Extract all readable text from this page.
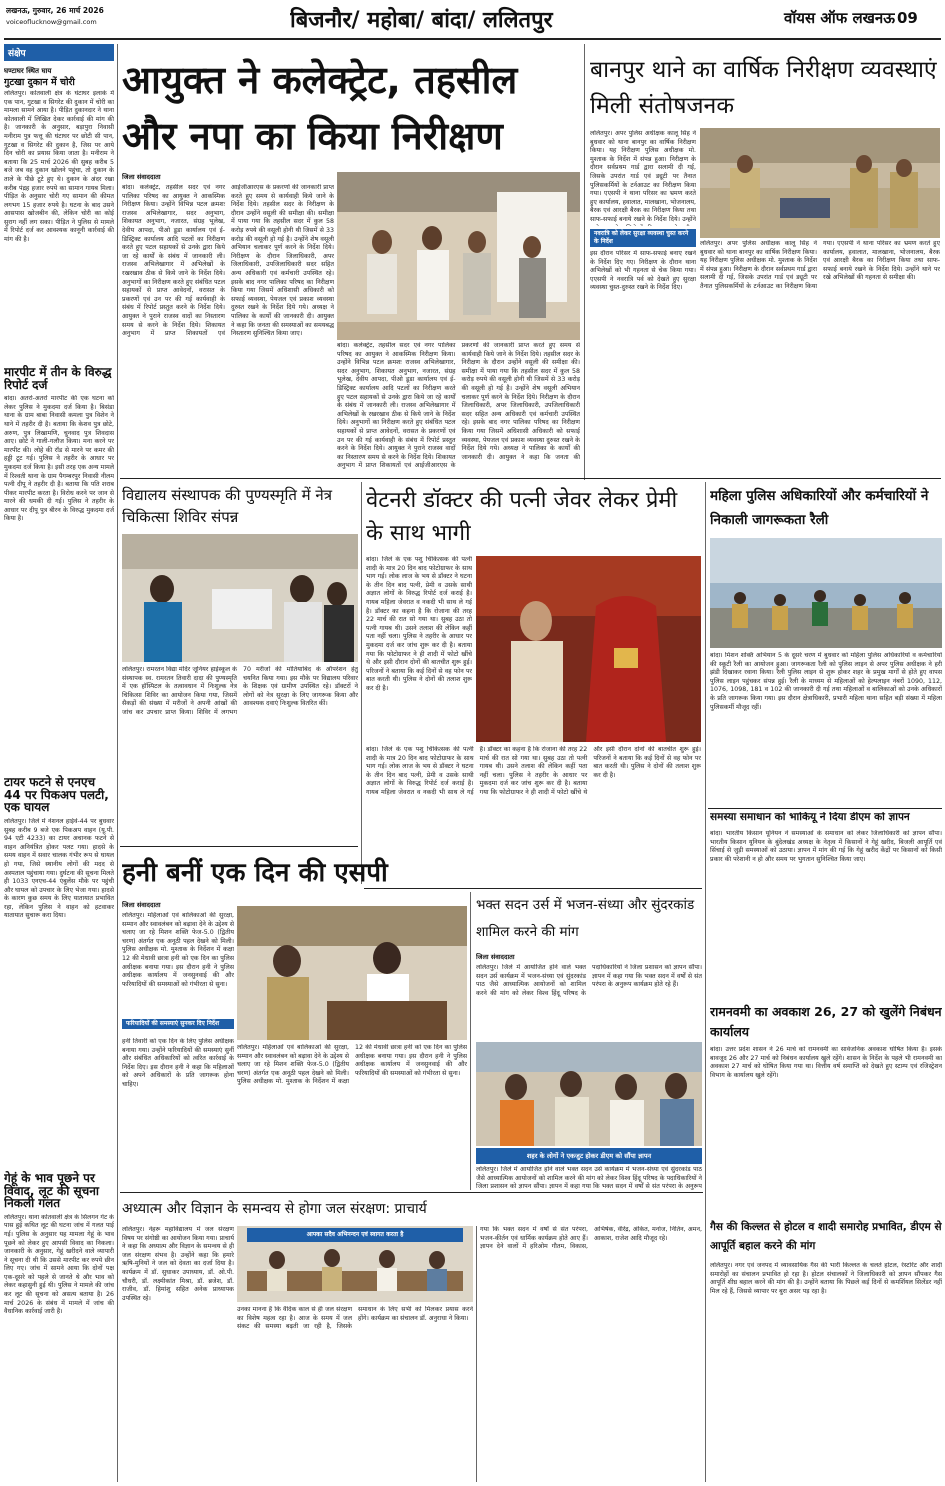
लखनऊ, गुरुवार, 26 मार्च 2026
voiceoflucknow@gmail.com	बिजनौर/ महोबा/ बांदा/ ललितपुर	वॉयस ऑफ लखनऊ 09
संक्षेप
घण्टाघर स्थित घाय
गुटखा दुकान में चोरी
ललितपुर। कोतवाली क्षेत्र के घंटाघर इलाके में एक पान, गुटखा व सिगरेट की दुकान में चोरी का मामला सामने आया है। पीड़ित दुकानदार ने थाना कोतवाली में लिखित देकर कार्रवाई की मांग की है। जानकारी के अनुसार, बड़ापुरा निवासी मनीराम पुत्र फत्तू की घंटाघर पर छोटी सी पान, गुटखा व सिगरेट की दुकान है, जिस पर आये दिन चोरी का प्रयास किया जाता है। मनीराम ने बताया कि 25 मार्च 2026 की सुबह करीब 5 बजे जब वह दुकान खोलने पहुंचा, तो दुकान के ताले के पीछे टूटे हुए थे। दुकान के अंदर रखा करीब पंद्रह हजार रुपये का सामान गायब मिला। पीड़ित के अनुसार चोरी गए सामान की कीमत लगभग 15 हजार रुपये है। घटना के बाद उसने आसपास खोजबीन की, लेकिन चोरी का कोई सुराग नहीं लग सका। पीड़ित ने पुलिस से मामले में रिपोर्ट दर्ज कर आवश्यक कानूनी कार्रवाई की मांग की है।
मारपीट में तीन के विरुद्ध रिपोर्ट दर्ज
बांदा। अतर्रा-अतर्रा मारपीट की एक घटना को लेकर पुलिस ने मुकदमा दर्ज किया है। बिसंडा थाना के ग्राम बाबा निवासी कमला पुत्र विशेन ने थाने में तहरीर दी है। बताया कि केशव पुत्र छोटे, अरुण, पुत्र लिखामणि, चुनवाद पुत्र शिवदास आए। छोटे ने गाली-गलौज किया। मना करने पर मारपीट की। लोहे की रॉड से मारने पर कमर की हड्डी टूट गई। पुलिस ने तहरीर के आधार पर मुकदमा दर्ज किया है। इसी तरह एक अन्य मामले में रिश्वती थाना के ग्राम पैगम्बरपुर निवासी नीलम पत्नी दीपू ने तहरीर दी है। बताया कि पति शराब पीकर मारपीट करता है। विरोध करने पर जान से मारने की धमकी दी गई। पुलिस ने तहरीर के आधार पर दीपू पुत्र बीरन के विरुद्ध मुकदमा दर्ज किया है।
टायर फटने से एनएच 44 पर पिकअप पलटी, एक घायल
ललितपुर। जिले में नेशनल हाईवे-44 पर बुधवार सुबह करीब 9 बजे एक पिकअप वाहन (यू.पी. 94 एटी 4233) का टायर अचानक फटने से वाहन अनियंत्रित होकर पलट गया। हादसे के समय वाहन में सवार चालक गंभीर रूप से घायल हो गया, जिसे स्थानीय लोगों की मदद से अस्पताल पहुंचाया गया। दुर्घटना की सूचना मिलते ही 1033 एनएच-44 एंबुलेंस मौके पर पहुंची और घायल को उपचार के लिए भेजा गया। हादसे के कारण कुछ समय के लिए यातायात प्रभावित रहा, लेकिन पुलिस ने वाहन को हटवाकर यातायात सुचारू करा दिया।
गेहूं के भाव पूछने पर विवाद, लूट की सूचना निकली गलत
ललितपुर। थाना कोतवाली क्षेत्र के सिलगन गेट के पास हुई कथित लूट की घटना जांच में गलत पाई गई। पुलिस के अनुसार यह मामला गेहूं के भाव पूछने को लेकर हुए आपसी विवाद का निकला। जानकारी के अनुसार, गेहूं खरीदने वाले व्यापारी ने सूचना दी थी कि उससे मारपीट कर रुपये छीन लिए गए। जांच में सामने आया कि दोनों पक्ष एक-दूसरे को पहले से जानते थे और भाव को लेकर कहासुनी हुई थी। पुलिस ने मामले की जांच कर लूट की सूचना को असत्य बताया है। 26 मार्च 2026 के संबंध में मामले में जांच की वैधानिक कार्रवाई जारी है।
आयुक्त ने कलेक्ट्रेट, तहसील और नपा का किया निरीक्षण
जिला संवाददाता
बांदा। कलेक्ट्रेट, तहसील सदर एवं नगर पालिका परिषद का आयुक्त ने आकस्मिक निरीक्षण किया। उन्होंने विभिन्न पटल क्रमशः राजस्व अभिलेखागार, सदर अनुभाग, शिकायत अनुभाग, नजारत, संग्रह भूलेख, देवीय आपदा, पीओ डूडा कार्यालय एवं ई-डिस्ट्रिक्ट कार्यालय आदि पटलों का निरीक्षण करते हुए पटल सहायकों से उनके द्वारा किये जा रहे कार्यों के संबंध में जानकारी ली। राजस्व अभिलेखागार में अभिलेखों के रखरखाव ठीक से किये जाने के निर्देश दिये। अनुभागों का निरीक्षण करते हुए संबंधित पटल सहायकों से प्राप्त आवेदनों, वरासत के प्रकरणों एवं उन पर की गई कार्यवाही के संबंध में रिपोर्ट प्रस्तुत करने के निर्देश दिये। आयुक्त ने पुराने राजस्व वादों का निस्तारण समय से करने के निर्देश दिये। शिकायत अनुभाग में प्राप्त शिकायतों एवं आईजीआरएस के प्रकरणों की जानकारी प्राप्त करते हुए समय से कार्यवाही किये जाने के निर्देश दिये। तहसील सदर के निरीक्षण के दौरान उन्होंने वसूली की समीक्षा की। समीक्षा में पाया गया कि तहसील सदर में कुल 58 करोड़ रुपये की वसूली होनी थी जिसमें से 33 करोड़ की वसूली हो गई है। उन्होंने शेष वसूली अभियान चलाकर पूर्ण करने के निर्देश दिये। निरीक्षण के दौरान जिलाधिकारी, अपर जिलाधिकारी, उपजिलाधिकारी सदर सहित अन्य अधिकारी एवं कर्मचारी उपस्थित रहे। इसके बाद नगर पालिका परिषद का निरीक्षण किया गया जिसमें अधिशासी अधिकारी को सफाई व्यवस्था, पेयजल एवं प्रकाश व्यवस्था दुरुस्त रखने के निर्देश दिये गये। अध्यक्ष ने पालिका के कार्यों की जानकारी दी। आयुक्त ने कहा कि जनता की समस्याओं का समयबद्ध निस्तारण सुनिश्चित किया जाए।
बांदा। कलेक्ट्रेट, तहसील सदर एवं नगर पालिका परिषद का आयुक्त ने आकस्मिक निरीक्षण किया। उन्होंने विभिन्न पटल क्रमशः राजस्व अभिलेखागार, सदर अनुभाग, शिकायत अनुभाग, नजारत, संग्रह भूलेख, देवीय आपदा, पीओ डूडा कार्यालय एवं ई-डिस्ट्रिक्ट कार्यालय आदि पटलों का निरीक्षण करते हुए पटल सहायकों से उनके द्वारा किये जा रहे कार्यों के संबंध में जानकारी ली। राजस्व अभिलेखागार में अभिलेखों के रखरखाव ठीक से किये जाने के निर्देश दिये। अनुभागों का निरीक्षण करते हुए संबंधित पटल सहायकों से प्राप्त आवेदनों, वरासत के प्रकरणों एवं उन पर की गई कार्यवाही के संबंध में रिपोर्ट प्रस्तुत करने के निर्देश दिये। आयुक्त ने पुराने राजस्व वादों का निस्तारण समय से करने के निर्देश दिये। शिकायत अनुभाग में प्राप्त शिकायतों एवं आईजीआरएस के प्रकरणों की जानकारी प्राप्त करते हुए समय से कार्यवाही किये जाने के निर्देश दिये। तहसील सदर के निरीक्षण के दौरान उन्होंने वसूली की समीक्षा की। समीक्षा में पाया गया कि तहसील सदर में कुल 58 करोड़ रुपये की वसूली होनी थी जिसमें से 33 करोड़ की वसूली हो गई है। उन्होंने शेष वसूली अभियान चलाकर पूर्ण करने के निर्देश दिये। निरीक्षण के दौरान जिलाधिकारी, अपर जिलाधिकारी, उपजिलाधिकारी सदर सहित अन्य अधिकारी एवं कर्मचारी उपस्थित रहे। इसके बाद नगर पालिका परिषद का निरीक्षण किया गया जिसमें अधिशासी अधिकारी को सफाई व्यवस्था, पेयजल एवं प्रकाश व्यवस्था दुरुस्त रखने के निर्देश दिये गये। अध्यक्ष ने पालिका के कार्यों की जानकारी दी। आयुक्त ने कहा कि जनता की
बानपुर थाने का वार्षिक निरीक्षण व्यवस्थाएं मिली संतोषजनक
ललितपुर। अपर पुलिस अधीक्षक कालू सिंह ने बुधवार को थाना बानपुर का वार्षिक निरीक्षण किया। यह निरीक्षण पुलिस अधीक्षक मो. मुश्ताक के निर्देश में संपन्न हुआ। निरीक्षण के दौरान सर्वप्रथम गार्ड द्वारा सलामी दी गई, जिसके उपरांत गार्ड एवं ड्यूटी पर तैनात पुलिसकर्मियों के टर्नआउट का निरीक्षण किया गया। एएसपी ने थाना परिसर का भ्रमण करते हुए कार्यालय, हवालात, मालखाना, भोजनालय, बैरक एवं आरक्षी बैरक का निरीक्षण किया तथा साफ-सफाई बनाये रखने के निर्देश दिये। उन्होंने
नवरात्रि को लेकर सुरक्षा व्यवस्था चुस्त करने के निर्देश
इस दौरान परिसर में साफ-सफाई बनाए रखने के निर्देश दिए गए। निरीक्षण के दौरान थाना अभिलेखों को भी गहनता से चेक किया गया। एएसपी ने नवरात्रि पर्व को देखते हुए सुरक्षा व्यवस्था चुस्त-दुरुस्त रखने के निर्देश दिए।
ललितपुर। अपर पुलिस अधीक्षक कालू सिंह ने बुधवार को थाना बानपुर का वार्षिक निरीक्षण किया। यह निरीक्षण पुलिस अधीक्षक मो. मुश्ताक के निर्देश में संपन्न हुआ। निरीक्षण के दौरान सर्वप्रथम गार्ड द्वारा सलामी दी गई, जिसके उपरांत गार्ड एवं ड्यूटी पर तैनात पुलिसकर्मियों के टर्नआउट का निरीक्षण किया गया। एएसपी ने थाना परिसर का भ्रमण करते हुए कार्यालय, हवालात, मालखाना, भोजनालय, बैरक एवं आरक्षी बैरक का निरीक्षण किया तथा साफ-सफाई बनाये रखने के निर्देश दिये। उन्होंने थाने पर रखे अभिलेखों की गहनता से समीक्षा की।
विद्यालय संस्थापक की पुण्यस्मृति में नेत्र चिकित्सा शिविर संपन्न
ललितपुर। रामरतन विद्या मंदिर जूनियर हाईस्कूल के संस्थापक स्व. रामरतन तिवारी दादा की पुण्यस्मृति में एक हॉस्पिटल के तत्वावधान में निःशुल्क नेत्र चिकित्सा शिविर का आयोजन किया गया, जिसमें सैकड़ों की संख्या में मरीजों ने अपनी आंखों की जांच कर उपचार प्राप्त किया। शिविर में लगभग 70 मरीजों की मोतियाबिंद के ऑपरेशन हेतु चयनित किया गया। इस मौके पर विद्यालय परिवार के शिक्षक एवं ग्रामीण उपस्थित रहे। डॉक्टरों ने लोगों को नेत्र सुरक्षा के लिए जागरूक किया और आवश्यक दवाएं निःशुल्क वितरित कीं।
वेटनरी डॉक्टर की पत्नी जेवर लेकर प्रेमी के साथ भागी
बांदा। जिले के एक पशु चिकित्सक की पत्नी शादी के मात्र 20 दिन बाद फोटोग्राफर के साथ भाग गई। लोक लाज के भय से डॉक्टर ने घटना के तीन दिन बाद पत्नी, प्रेमी व उसके साथी अज्ञात लोगों के विरुद्ध रिपोर्ट दर्ज कराई है। गायब महिला जेवरात व नकदी भी साथ ले गई है। डॉक्टर का कहना है कि रोजाना की तरह 22 मार्च की रात सो गया था। सुबह उठा तो पत्नी गायब थी। उसने तलाश की लेकिन कहीं पता नहीं चला। पुलिस ने तहरीर के आधार पर मुकदमा दर्ज कर जांच शुरू कर दी है। बताया गया कि फोटोग्राफर ने ही शादी में फोटो खींचे थे और इसी दौरान दोनों की बातचीत शुरू हुई। परिजनों ने बताया कि कई दिनों से वह फोन पर बात करती थी। पुलिस ने दोनों की तलाश शुरू कर दी है।
बांदा। जिले के एक पशु चिकित्सक की पत्नी शादी के मात्र 20 दिन बाद फोटोग्राफर के साथ भाग गई। लोक लाज के भय से डॉक्टर ने घटना के तीन दिन बाद पत्नी, प्रेमी व उसके साथी अज्ञात लोगों के विरुद्ध रिपोर्ट दर्ज कराई है। गायब महिला जेवरात व नकदी भी साथ ले गई है। डॉक्टर का कहना है कि रोजाना की तरह 22 मार्च की रात सो गया था। सुबह उठा तो पत्नी गायब थी। उसने तलाश की लेकिन कहीं पता नहीं चला। पुलिस ने तहरीर के आधार पर मुकदमा दर्ज कर जांच शुरू कर दी है। बताया गया कि फोटोग्राफर ने ही शादी में फोटो खींचे थे और इसी दौरान दोनों की बातचीत शुरू हुई। परिजनों ने बताया कि कई दिनों से वह फोन पर बात करती थी। पुलिस ने दोनों की तलाश शुरू कर दी है।
महिला पुलिस अधिकारियों और कर्मचारियों ने निकाली जागरूकता रैली
बांदा। मिशन शक्ति अभियान 5 के दूसरे चरण में बुधवार को महिला पुलिस अधिकारियों व कर्मचारियों की स्कूटी रैली का आयोजन हुआ। जागरूकता रैली को पुलिस लाइन से अपर पुलिस अधीक्षक ने हरी झंडी दिखाकर रवाना किया। रैली पुलिस लाइन से शुरू होकर शहर के प्रमुख मार्गों से होते हुए वापस पुलिस लाइन पहुंचकर संपन्न हुई। रैली के माध्यम से महिलाओं को हेल्पलाइन नंबरों 1090, 112, 1076, 1098, 181 व 102 की जानकारी दी गई तथा महिलाओं व बालिकाओं को उनके अधिकारों के प्रति जागरूक किया गया। इस दौरान क्षेत्राधिकारी, प्रभारी महिला थाना सहित बड़ी संख्या में महिला पुलिसकर्मी मौजूद रहीं।
समस्या समाधान को भाकियू ने दिया डीएम को ज्ञापन
बांदा। भारतीय किसान यूनियन ने समस्याओं के समाधान को लेकर जिलाधिकारी को ज्ञापन सौंपा। भारतीय किसान यूनियन के बुंदेलखंड अध्यक्ष के नेतृत्व में किसानों ने गेहूं खरीद, बिजली आपूर्ति एवं सिंचाई से जुड़ी समस्याओं को उठाया। ज्ञापन में मांग की गई कि गेहूं खरीद केंद्रों पर किसानों को किसी प्रकार की परेशानी न हो और समय पर भुगतान सुनिश्चित किया जाए।
रामनवमी का अवकाश 26, 27 को खुलेंगे निबंधन कार्यालय
बांदा। उत्तर प्रदेश शासन ने 26 मार्च को रामनवमी का सार्वजनिक अवकाश घोषित किया है। इसके बावजूद 26 और 27 मार्च को निबंधन कार्यालय खुले रहेंगे। शासन के निर्देश के पहले भी रामनवमी का अवकाश 27 मार्च को घोषित किया गया था। वित्तीय वर्ष समाप्ति को देखते हुए स्टाम्प एवं रजिस्ट्रेशन विभाग के कार्यालय खुले रहेंगे।
गैस की किल्लत से होटल व शादी समारोह प्रभावित, डीएम से आपूर्ति बहाल करने की मांग
ललितपुर। नगर एवं जनपद में व्यावसायिक गैस की भारी किल्लत के चलते होटल, रेस्टोरेंट और शादी समारोहों का संचालन प्रभावित हो रहा है। होटल संचालकों ने जिलाधिकारी को ज्ञापन सौंपकर गैस आपूर्ति शीघ्र बहाल करने की मांग की है। उन्होंने बताया कि पिछले कई दिनों से कमर्शियल सिलेंडर नहीं मिल रहे हैं, जिससे व्यापार पर बुरा असर पड़ रहा है।
हनी बनीं एक दिन की एसपी
जिला संवाददाता
ललितपुर। महिलाओं एवं बालिकाओं की सुरक्षा, सम्मान और स्वावलंबन को बढ़ावा देने के उद्देश्य से चलाए जा रहे मिशन शक्ति फेज-5.0 (द्वितीय चरण) अंतर्गत एक अनूठी पहल देखने को मिली। पुलिस अधीक्षक मो. मुश्ताक के निर्देशन में कक्षा 12 की मेधावी छात्रा हनी को एक दिन का पुलिस अधीक्षक बनाया गया। इस दौरान हनी ने पुलिस अधीक्षक कार्यालय में जनसुनवाई की और फरियादियों की समस्याओं को गंभीरता से सुना।
फरियादियों की समस्याएं सुनकर दिए निर्देश
हनी तिवारी को एक दिन के लिए पुलिस अधीक्षक बनाया गया। उन्होंने फरियादियों की समस्याएं सुनीं और संबंधित अधिकारियों को त्वरित कार्रवाई के निर्देश दिए। इस दौरान हनी ने कहा कि महिलाओं को अपने अधिकारों के प्रति जागरूक होना चाहिए।
ललितपुर। महिलाओं एवं बालिकाओं की सुरक्षा, सम्मान और स्वावलंबन को बढ़ावा देने के उद्देश्य से चलाए जा रहे मिशन शक्ति फेज-5.0 (द्वितीय चरण) अंतर्गत एक अनूठी पहल देखने को मिली। पुलिस अधीक्षक मो. मुश्ताक के निर्देशन में कक्षा 12 की मेधावी छात्रा हनी को एक दिन का पुलिस अधीक्षक बनाया गया। इस दौरान हनी ने पुलिस अधीक्षक कार्यालय में जनसुनवाई की और फरियादियों की समस्याओं को गंभीरता से सुना।
भक्त सदन उर्स में भजन-संध्या और सुंदरकांड शामिल करने की मांग
जिला संवाददाता
ललितपुर। जिले में आयोजित होने वाले भक्त सदन उर्स कार्यक्रम में भजन-संध्या एवं सुंदरकांड पाठ जैसे आध्यात्मिक आयोजनों को शामिल करने की मांग को लेकर विश्व हिंदू परिषद के पदाधिकारियों ने जिला प्रशासन को ज्ञापन सौंपा। ज्ञापन में कहा गया कि भक्त सदन में वर्षों से संत परंपरा के अनुरूप कार्यक्रम होते रहे हैं।
शहर के लोगों ने एकजुट होकर डीएम को सौंपा ज्ञापन
ललितपुर। जिले में आयोजित होने वाले भक्त सदन उर्स कार्यक्रम में भजन-संध्या एवं सुंदरकांड पाठ जैसे आध्यात्मिक आयोजनों को शामिल करने की मांग को लेकर विश्व हिंदू परिषद के पदाधिकारियों ने जिला प्रशासन को ज्ञापन सौंपा। ज्ञापन में कहा गया कि भक्त सदन में वर्षों से संत परंपरा के अनुरूप
अध्यात्म और विज्ञान के समन्वय से होगा जल संरक्षण: प्राचार्य
ललितपुर। नेहरू महाविद्यालय में जल संरक्षण विषय पर संगोष्ठी का आयोजन किया गया। प्राचार्य ने कहा कि अध्यात्म और विज्ञान के समन्वय से ही जल संरक्षण संभव है। उन्होंने कहा कि हमारे ऋषि-मुनियों ने जल को देवता का दर्जा दिया है। कार्यक्रम में डॉ. सुधाकर उपाध्याय, डॉ. ओ.पी. चौधरी, डॉ. लक्ष्मीकांत मिश्रा, डॉ. ब्रजेश, डॉ. राजीव, डॉ. हिमांशु सहित अनेक प्राध्यापक उपस्थित रहे।
आपका सदैव अभिनन्दन एवं स्वागत करता है
उनका मानना है कि वैदिक काल से ही जल संरक्षण का विशेष महत्व रहा है। आज के समय में जल संकट की समस्या बढ़ती जा रही है, जिसके समाधान के लिए सभी को मिलकर प्रयास करने होंगे। कार्यक्रम का संचालन डॉ. अनुराधा ने किया।
गया कि भक्त सदन में वर्षों से संत परंपरा, भजन-कीर्तन एवं धार्मिक कार्यक्रम होते आए हैं। ज्ञापन देने वालों में हरिओम गौतम, विकास, अभिषेक, वीरेंद्र, अंकित, मनोज, नितिन, अमन, आकाश, राजेश आदि मौजूद रहे।
